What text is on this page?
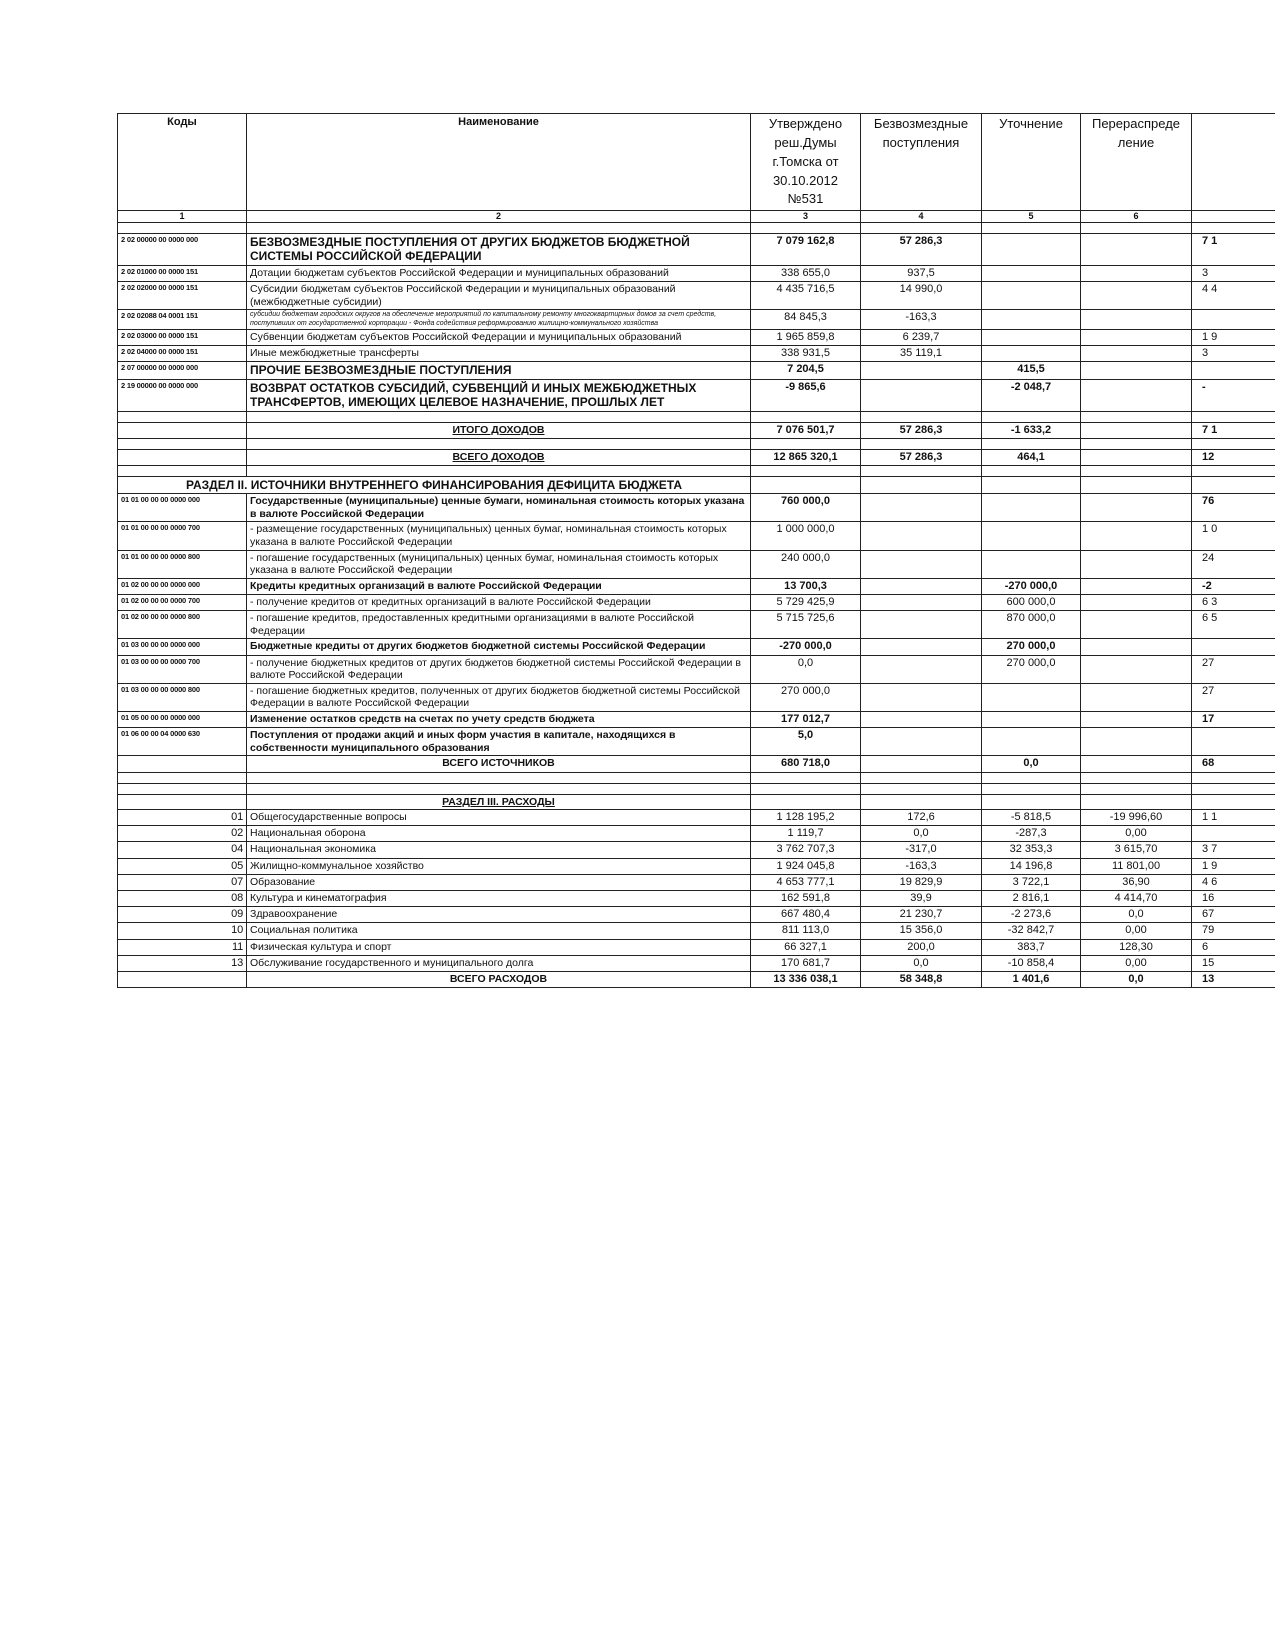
Коды	Наименование	Утверждено реш.Думы г.Томска от 30.10.2012 №531	Безвозмездные поступления	Уточнение	Перераспреде ление	
1	2	3	4	5	6	

2 02 00000 00 0000 000	БЕЗВОЗМЕЗДНЫЕ ПОСТУПЛЕНИЯ ОТ ДРУГИХ БЮДЖЕТОВ БЮДЖЕТНОЙ СИСТЕМЫ РОССИЙСКОЙ ФЕДЕРАЦИИ	7 079 162,8	57 286,3			7 1
2 02 01000 00 0000 151	Дотации бюджетам субъектов Российской Федерации и муниципальных образований	338 655,0	937,5			3
2 02 02000 00 0000 151	Субсидии бюджетам субъектов Российской Федерации и муниципальных образований (межбюджетные субсидии)	4 435 716,5	14 990,0			4 4
2 02 02088 04 0001 151	субсидии бюджетам городских округов на обеспечение мероприятий по капитальному ремонту многоквартирных домов за счет средств, поступивших от государственной корпорации - Фонда содействия реформированию жилищно-коммунального хозяйства	84 845,3	-163,3			
2 02 03000 00 0000 151	Субвенции бюджетам субъектов Российской Федерации и муниципальных образований	1 965 859,8	6 239,7			1 9
2 02 04000 00 0000 151	Иные межбюджетные трансферты	338 931,5	35 119,1			3
2 07 00000 00 0000 000	ПРОЧИЕ БЕЗВОЗМЕЗДНЫЕ ПОСТУПЛЕНИЯ	7 204,5		415,5		
2 19 00000 00 0000 000	ВОЗВРАТ ОСТАТКОВ СУБСИДИЙ, СУБВЕНЦИЙ И ИНЫХ МЕЖБЮДЖЕТНЫХ ТРАНСФЕРТОВ, ИМЕЮЩИХ ЦЕЛЕВОЕ НАЗНАЧЕНИЕ, ПРОШЛЫХ ЛЕТ	-9 865,6		-2 048,7		-

	ИТОГО ДОХОДОВ	7 076 501,7	57 286,3	-1 633,2		7 1

	ВСЕГО ДОХОДОВ	12 865 320,1	57 286,3	464,1		12

РАЗДЕЛ II. ИСТОЧНИКИ ВНУТРЕННЕГО ФИНАНСИРОВАНИЯ ДЕФИЦИТА БЮДЖЕТА						
01 01 00 00 00 0000 000	Государственные (муниципальные) ценные бумаги, номинальная стоимость которых указана в валюте Российской Федерации	760 000,0				76
01 01 00 00 00 0000 700	- размещение государственных (муниципальных) ценных бумаг, номинальная стоимость которых указана в валюте Российской Федерации	1 000 000,0				1 0
01 01 00 00 00 0000 800	- погашение государственных (муниципальных) ценных бумаг, номинальная стоимость которых указана в валюте Российской Федерации	240 000,0				24
01 02 00 00 00 0000 000	Кредиты кредитных организаций в валюте Российской Федерации	13 700,3		-270 000,0		-2
01 02 00 00 00 0000 700	- получение кредитов от кредитных организаций в валюте Российской Федерации	5 729 425,9		600 000,0		6 3
01 02 00 00 00 0000 800	- погашение кредитов, предоставленных кредитными организациями в валюте Российской Федерации	5 715 725,6		870 000,0		6 5
01 03 00 00 00 0000 000	Бюджетные кредиты от других бюджетов бюджетной системы Российской Федерации	-270 000,0		270 000,0		
01 03 00 00 00 0000 700	- получение бюджетных кредитов от других бюджетов бюджетной системы Российской Федерации в валюте Российской Федерации	0,0		270 000,0		27
01 03 00 00 00 0000 800	- погашение бюджетных кредитов, полученных от других бюджетов бюджетной системы Российской Федерации в валюте Российской Федерации	270 000,0				27
01 05 00 00 00 0000 000	Изменение остатков средств на счетах по учету средств бюджета	177 012,7				17
01 06 00 00 04 0000 630	Поступления от продажи акций и иных форм участия в капитале, находящихся в собственности муниципального образования	5,0				
	ВСЕГО ИСТОЧНИКОВ	680 718,0		0,0		68

	РАЗДЕЛ III. РАСХОДЫ					
01	Общегосударственные вопросы	1 128 195,2	172,6	-5 818,5	-19 996,60	1 1
02	Национальная оборона	1 119,7	0,0	-287,3	0,00	
04	Национальная экономика	3 762 707,3	-317,0	32 353,3	3 615,70	3 7
05	Жилищно-коммунальное хозяйство	1 924 045,8	-163,3	14 196,8	11 801,00	1 9
07	Образование	4 653 777,1	19 829,9	3 722,1	36,90	4 6
08	Культура и кинематография	162 591,8	39,9	2 816,1	4 414,70	16
09	Здравоохранение	667 480,4	21 230,7	-2 273,6	0,0	67
10	Социальная политика	811 113,0	15 356,0	-32 842,7	0,00	79
11	Физическая культура и спорт	66 327,1	200,0	383,7	128,30	6
13	Обслуживание государственного и муниципального долга	170 681,7	0,0	-10 858,4	0,00	15
	ВСЕГО РАСХОДОВ	13 336 038,1	58 348,8	1 401,6	0,0	13
